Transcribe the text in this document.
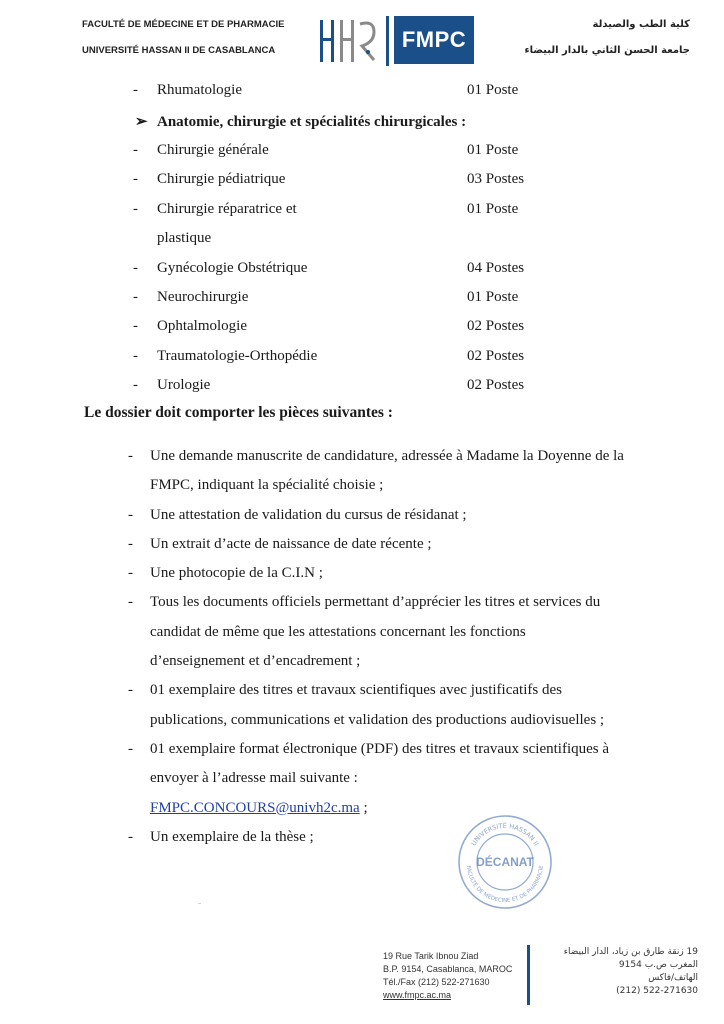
FACULTÉ DE MÉDECINE ET DE PHARMACIE
UNIVERSITÉ HASSAN II DE CASABLANCA	FMPC
كلية الطب والصيدلة
جامعة الحسن الثاني بالدار البيضاء
- Rhumatologie	01 Poste
➢ Anatomie, chirurgie et spécialités chirurgicales :
- Chirurgie générale	01 Poste
- Chirurgie pédiatrique	03 Postes
- Chirurgie réparatrice et	01 Poste
plastique
- Gynécologie Obstétrique	04 Postes
- Neurochirurgie	01 Poste
- Ophtalmologie	02 Postes
- Traumatologie-Orthopédie	02 Postes
- Urologie	02 Postes
Le dossier doit comporter les pièces suivantes :
- Une demande manuscrite de candidature, adressée à Madame la Doyenne de la FMPC, indiquant la spécialité choisie ;
- Une attestation de validation du cursus de résidanat ;
- Un extrait d’acte de naissance de date récente ;
- Une photocopie de la C.I.N ;
- Tous les documents officiels permettant d’apprécier les titres et services du candidat de même que les attestations concernant les fonctions d’enseignement et d’encadrement ;
- 01 exemplaire des titres et travaux scientifiques avec justificatifs des publications, communications et validation des productions audiovisuelles ;
- 01 exemplaire format électronique (PDF) des titres et travaux scientifiques à envoyer à l’adresse mail suivante :
FMPC.CONCOURS@univh2c.ma ;
- Un exemplaire de la thèse ;	UNIVERSITÉ HASSAN II
FACULTÉ DE MÉDECINE ET DE PHARMACIE
DÉCANAT
-
19 Rue Tarik Ibnou Ziad
B.P. 9154, Casablanca, MAROC
Tél./Fax (212) 522-271630
www.fmpc.ac.ma
19 زنقة طارق بن زياد، الدار البيضاء
المغرب ص.ب 9154
الهاتف/فاكس
(212) 522-271630
